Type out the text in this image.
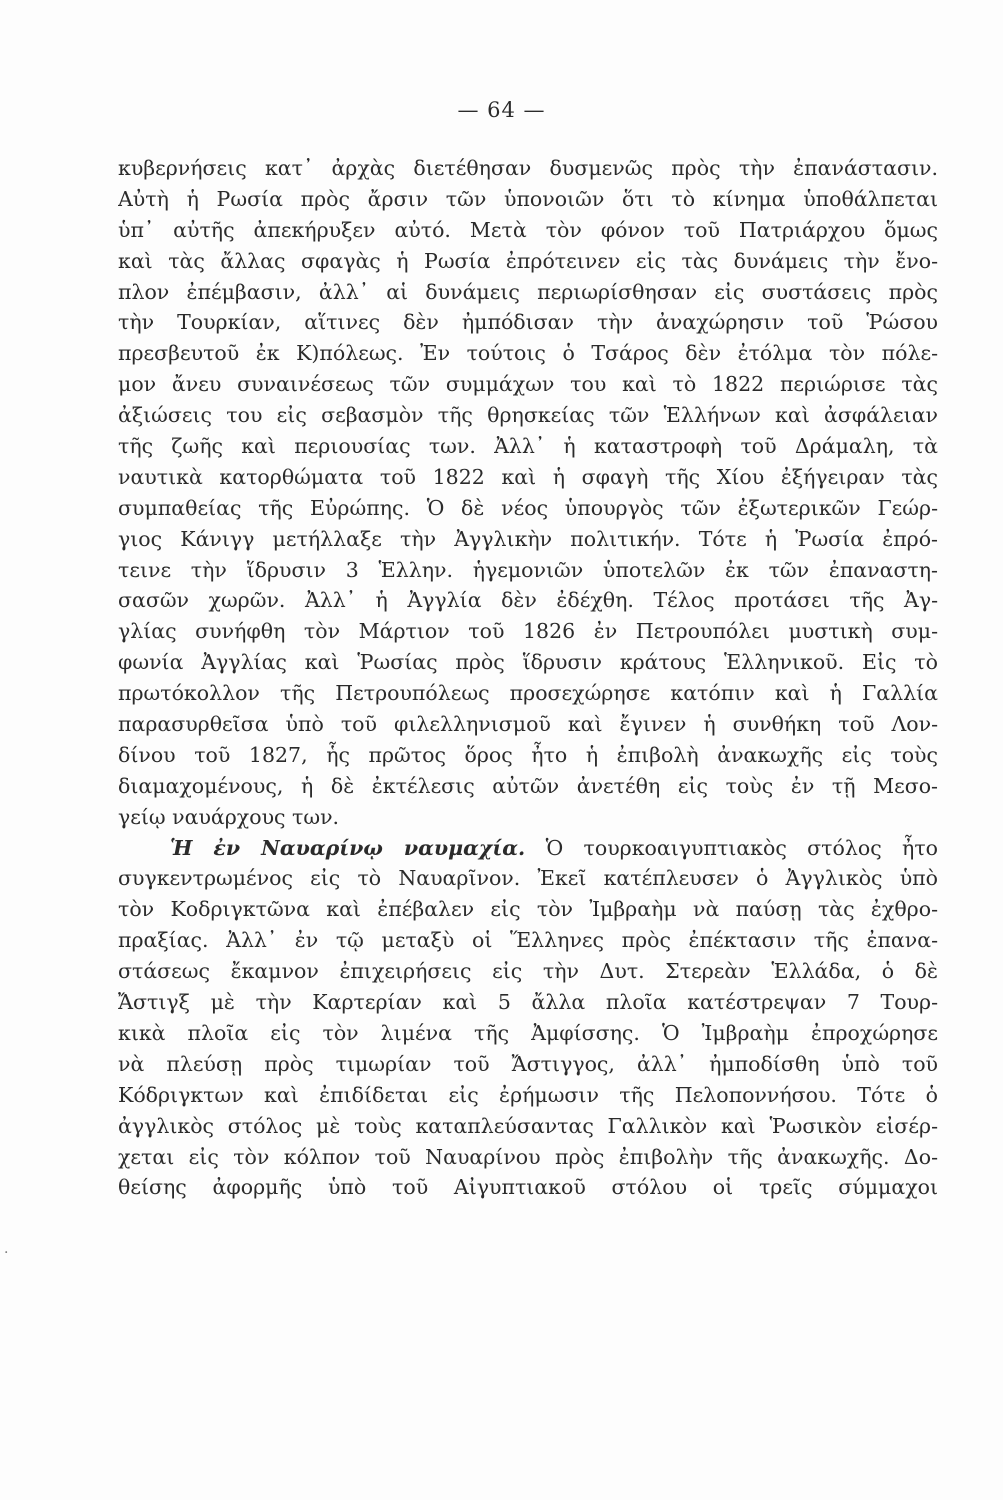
— 64 —
·
κυβερνήσεις κατ᾽ ἀρχὰς διετέθησαν δυσμενῶς πρὸς τὴν ἐπανάστασιν.
Αὐτὴ ἡ Ρωσία πρὸς ἄρσιν τῶν ὑπονοιῶν ὅτι τὸ κίνημα ὑποθάλπεται
ὑπ᾽ αὐτῆς ἀπεκήρυξεν αὐτό. Μετὰ τὸν φόνον τοῦ Πατριάρχου ὅμως
καὶ τὰς ἄλλας σφαγὰς ἡ Ρωσία ἐπρότεινεν εἰς τὰς δυνάμεις τὴν ἔνο-
πλον ἐπέμβασιν, ἀλλ᾽ αἱ δυνάμεις περιωρίσθησαν εἰς συστάσεις πρὸς
τὴν Τουρκίαν, αἵτινες δὲν ἠμπόδισαν τὴν ἀναχώρησιν τοῦ Ῥώσου
πρεσβευτοῦ ἐκ Κ)πόλεως. Ἐν τούτοις ὁ Τσάρος δὲν ἐτόλμα τὸν πόλε-
μον ἄνευ συναινέσεως τῶν συμμάχων του καὶ τὸ 1822 περιώρισε τὰς
ἀξιώσεις του εἰς σεβασμὸν τῆς θρησκείας τῶν Ἑλλήνων καὶ ἀσφάλειαν
τῆς ζωῆς καὶ περιουσίας των. Ἀλλ᾽ ἡ καταστροφὴ τοῦ Δράμαλη, τὰ
ναυτικὰ κατορθώματα τοῦ 1822 καὶ ἡ σφαγὴ τῆς Χίου ἐξήγειραν τὰς
συμπαθείας τῆς Εὐρώπης. Ὁ δὲ νέος ὑπουργὸς τῶν ἐξωτερικῶν Γεώρ-
γιος Κάνιγγ μετήλλαξε τὴν Ἀγγλικὴν πολιτικήν. Τότε ἡ Ῥωσία ἐπρό-
τεινε τὴν ἵδρυσιν 3 Ἑλλην. ἡγεμονιῶν ὑποτελῶν ἐκ τῶν ἐπαναστη-
σασῶν χωρῶν. Ἀλλ᾽ ἡ Ἀγγλία δὲν ἐδέχθη. Τέλος προτάσει τῆς Ἀγ-
γλίας συνήφθη τὸν Μάρτιον τοῦ 1826 ἐν Πετρουπόλει μυστικὴ συμ-
φωνία Ἀγγλίας καὶ Ῥωσίας πρὸς ἵδρυσιν κράτους Ἑλληνικοῦ. Εἰς τὸ
πρωτόκολλον τῆς Πετρουπόλεως προσεχώρησε κατόπιν καὶ ἡ Γαλλία
παρασυρθεῖσα ὑπὸ τοῦ φιλελληνισμοῦ καὶ ἔγινεν ἡ συνθήκη τοῦ Λον-
δίνου τοῦ 1827, ἧς πρῶτος ὅρος ἦτο ἡ ἐπιβολὴ ἀνακωχῆς εἰς τοὺς
διαμαχομένους, ἡ δὲ ἐκτέλεσις αὐτῶν ἀνετέθη εἰς τοὺς ἐν τῇ Μεσο-
γείῳ ναυάρχους των.
Ἡ ἐν Ναυαρίνῳ ναυμαχία. Ὁ τουρκοαιγυπτιακὸς στόλος ἦτο
συγκεντρωμένος εἰς τὸ Ναυαρῖνον. Ἐκεῖ κατέπλευσεν ὁ Ἀγγλικὸς ὑπὸ
τὸν Κοδριγκτῶνα καὶ ἐπέβαλεν εἰς τὸν Ἰμβραὴμ νὰ παύσῃ τὰς ἐχθρο-
πραξίας. Ἀλλ᾽ ἐν τῷ μεταξὺ οἱ Ἕλληνες πρὸς ἐπέκτασιν τῆς ἐπανα-
στάσεως ἔκαμνον ἐπιχειρήσεις εἰς τὴν Δυτ. Στερεὰν Ἑλλάδα, ὁ δὲ
Ἄστιγξ μὲ τὴν Καρτερίαν καὶ 5 ἄλλα πλοῖα κατέστρεψαν 7 Τουρ-
κικὰ πλοῖα εἰς τὸν λιμένα τῆς Ἀμφίσσης. Ὁ Ἰμβραὴμ ἐπροχώρησε
νὰ πλεύσῃ πρὸς τιμωρίαν τοῦ Ἄστιγγος, ἀλλ᾽ ἠμποδίσθη ὑπὸ τοῦ
Κόδριγκτων καὶ ἐπιδίδεται εἰς ἐρήμωσιν τῆς Πελοποννήσου. Τότε ὁ
ἀγγλικὸς στόλος μὲ τοὺς καταπλεύσαντας Γαλλικὸν καὶ Ῥωσικὸν εἰσέρ-
χεται εἰς τὸν κόλπον τοῦ Ναυαρίνου πρὸς ἐπιβολὴν τῆς ἀνακωχῆς. Δο-
θείσης ἀφορμῆς ὑπὸ τοῦ Αἰγυπτιακοῦ στόλου οἱ τρεῖς σύμμαχοι
